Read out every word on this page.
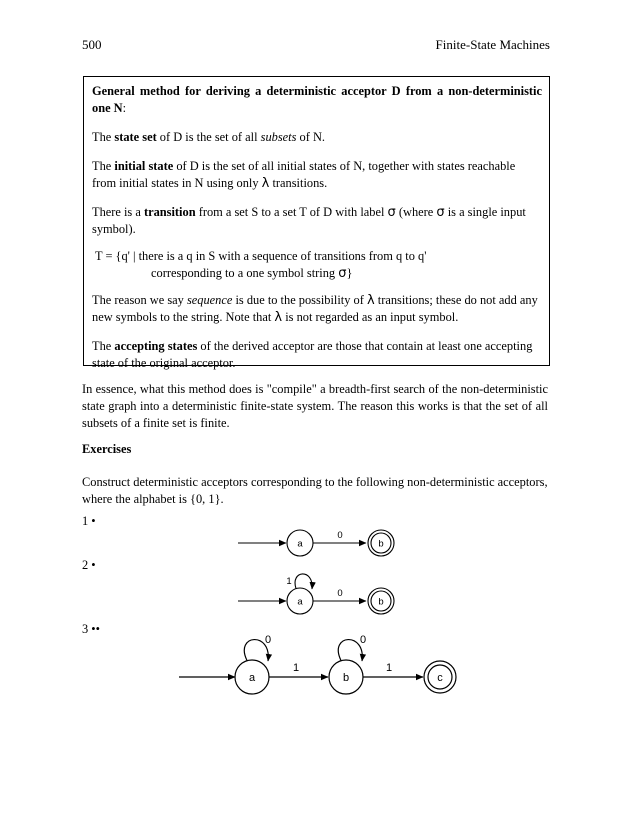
500	Finite-State Machines

General method for deriving a deterministic acceptor D from a non-deterministic one N:

The state set of D is the set of all subsets of N.

The initial state of D is the set of all initial states of N, together with states reachable from initial states in N using only λ transitions.

There is a transition from a set S to a set T of D with label σ (where σ is a single input symbol).

T = {q' | there is a q in S with a sequence of transitions from q to q'
corresponding to a one symbol string σ}

The reason we say sequence is due to the possibility of λ transitions; these do not add any new symbols to the string. Note that λ is not regarded as an input symbol.

The accepting states of the derived acceptor are those that contain at least one accepting state of the original acceptor.

In essence, what this method does is "compile" a breadth-first search of the non-deterministic state graph into a deterministic finite-state system. The reason this works is that the set of all subsets of a finite set is finite.
Exercises
Construct deterministic acceptors corresponding to the following non-deterministic acceptors, where the alphabet is {0, 1}.
1 •
2 •
3 ••
a
0
b
a
1
0
b
a
0
1
b
0
1
c
